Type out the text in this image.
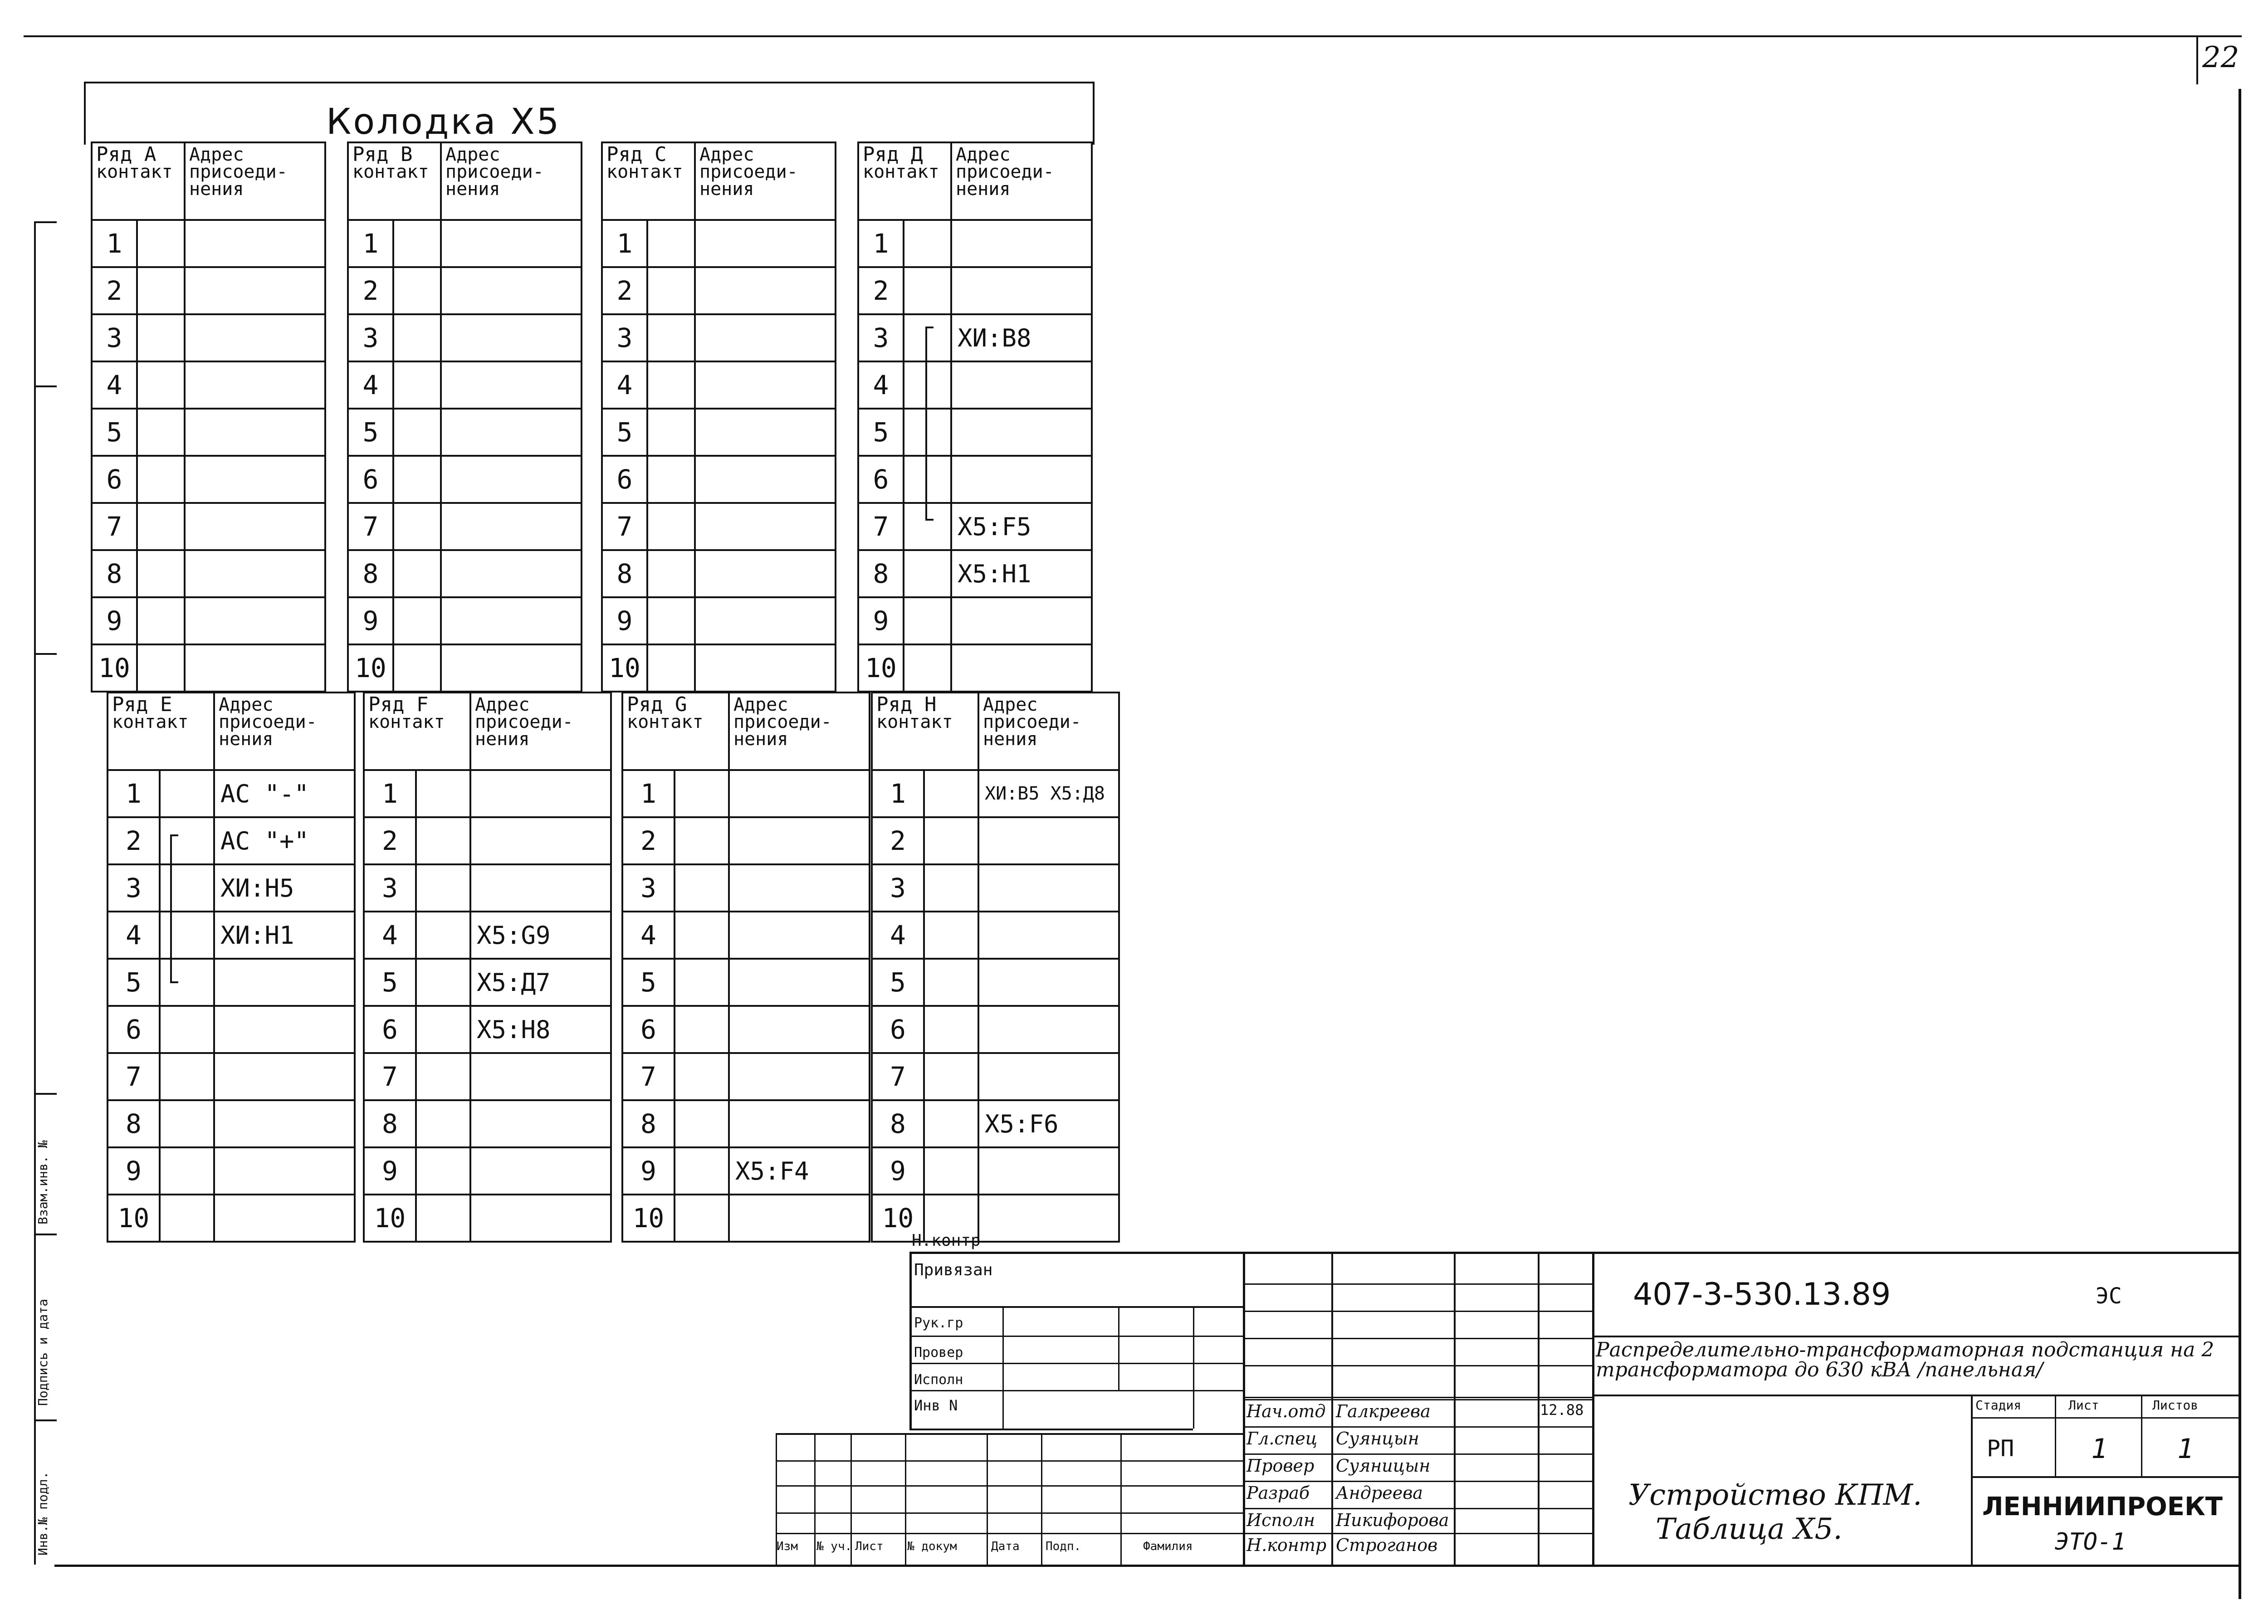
22
Инв.№ подл.
Подпись и дата
Взам.инв. №
Колодка X5
Ряд А
контакт		Адрес присоеди- нения
1		
2		
3		
4		
5		
6		
7		
8		
9		
10		
Ряд В
контакт		Адрес присоеди- нения
1		
2		
3		
4		
5		
6		
7		
8		
9		
10		
Ряд С
контакт		Адрес присоеди- нения
1		
2		
3		
4		
5		
6		
7		
8		
9		
10		
Ряд Д
контакт		Адрес присоеди- нения
1		
2		
3		ХИ:В8
4		
5		
6		
7		X5:F5
8		X5:H1
9		
10		
Ряд Е
контакт		Адрес присоеди- нения
1		АС "-"
2		АС "+"
3		ХИ:Н5
4		ХИ:Н1
5		
6		
7		
8		
9		
10		
Ряд F
контакт		Адрес присоеди- нения
1		
2		
3		
4		X5:G9
5		X5:Д7
6		X5:H8
7		
8		
9		
10		
Ряд G
контакт		Адрес присоеди- нения
1		
2		
3		
4		
5		
6		
7		
8		
9		X5:F4
10		
Ряд Н
контакт		Адрес присоеди- нения
1		ХИ:В5 X5:Д8
2		
3		
4		
5		
6		
7		
8		X5:F6
9		
10		
Н.контр
Привязан
Рук.гр
Провер
Исполн
Инв N	Нач.отд Галкреева	12.88
Гл.спец Суянцын
Провер Суяницын
Разраб Андреева
Исполн Никифорова
Н.контр Строганов
Изм № уч. Лист № докум	Дата Подп.	Фамилия
407-3-530.13.89	ЭС
Распределительно-трансформаторная подстанция на 2 трансформатора до 630 кВА /панельная/
Стадия	Лист	Листов
РП	1	1
Устройство КПМ.
Таблица X5.
ЛЕННИИПРОЕКТ
ЭТО-1
